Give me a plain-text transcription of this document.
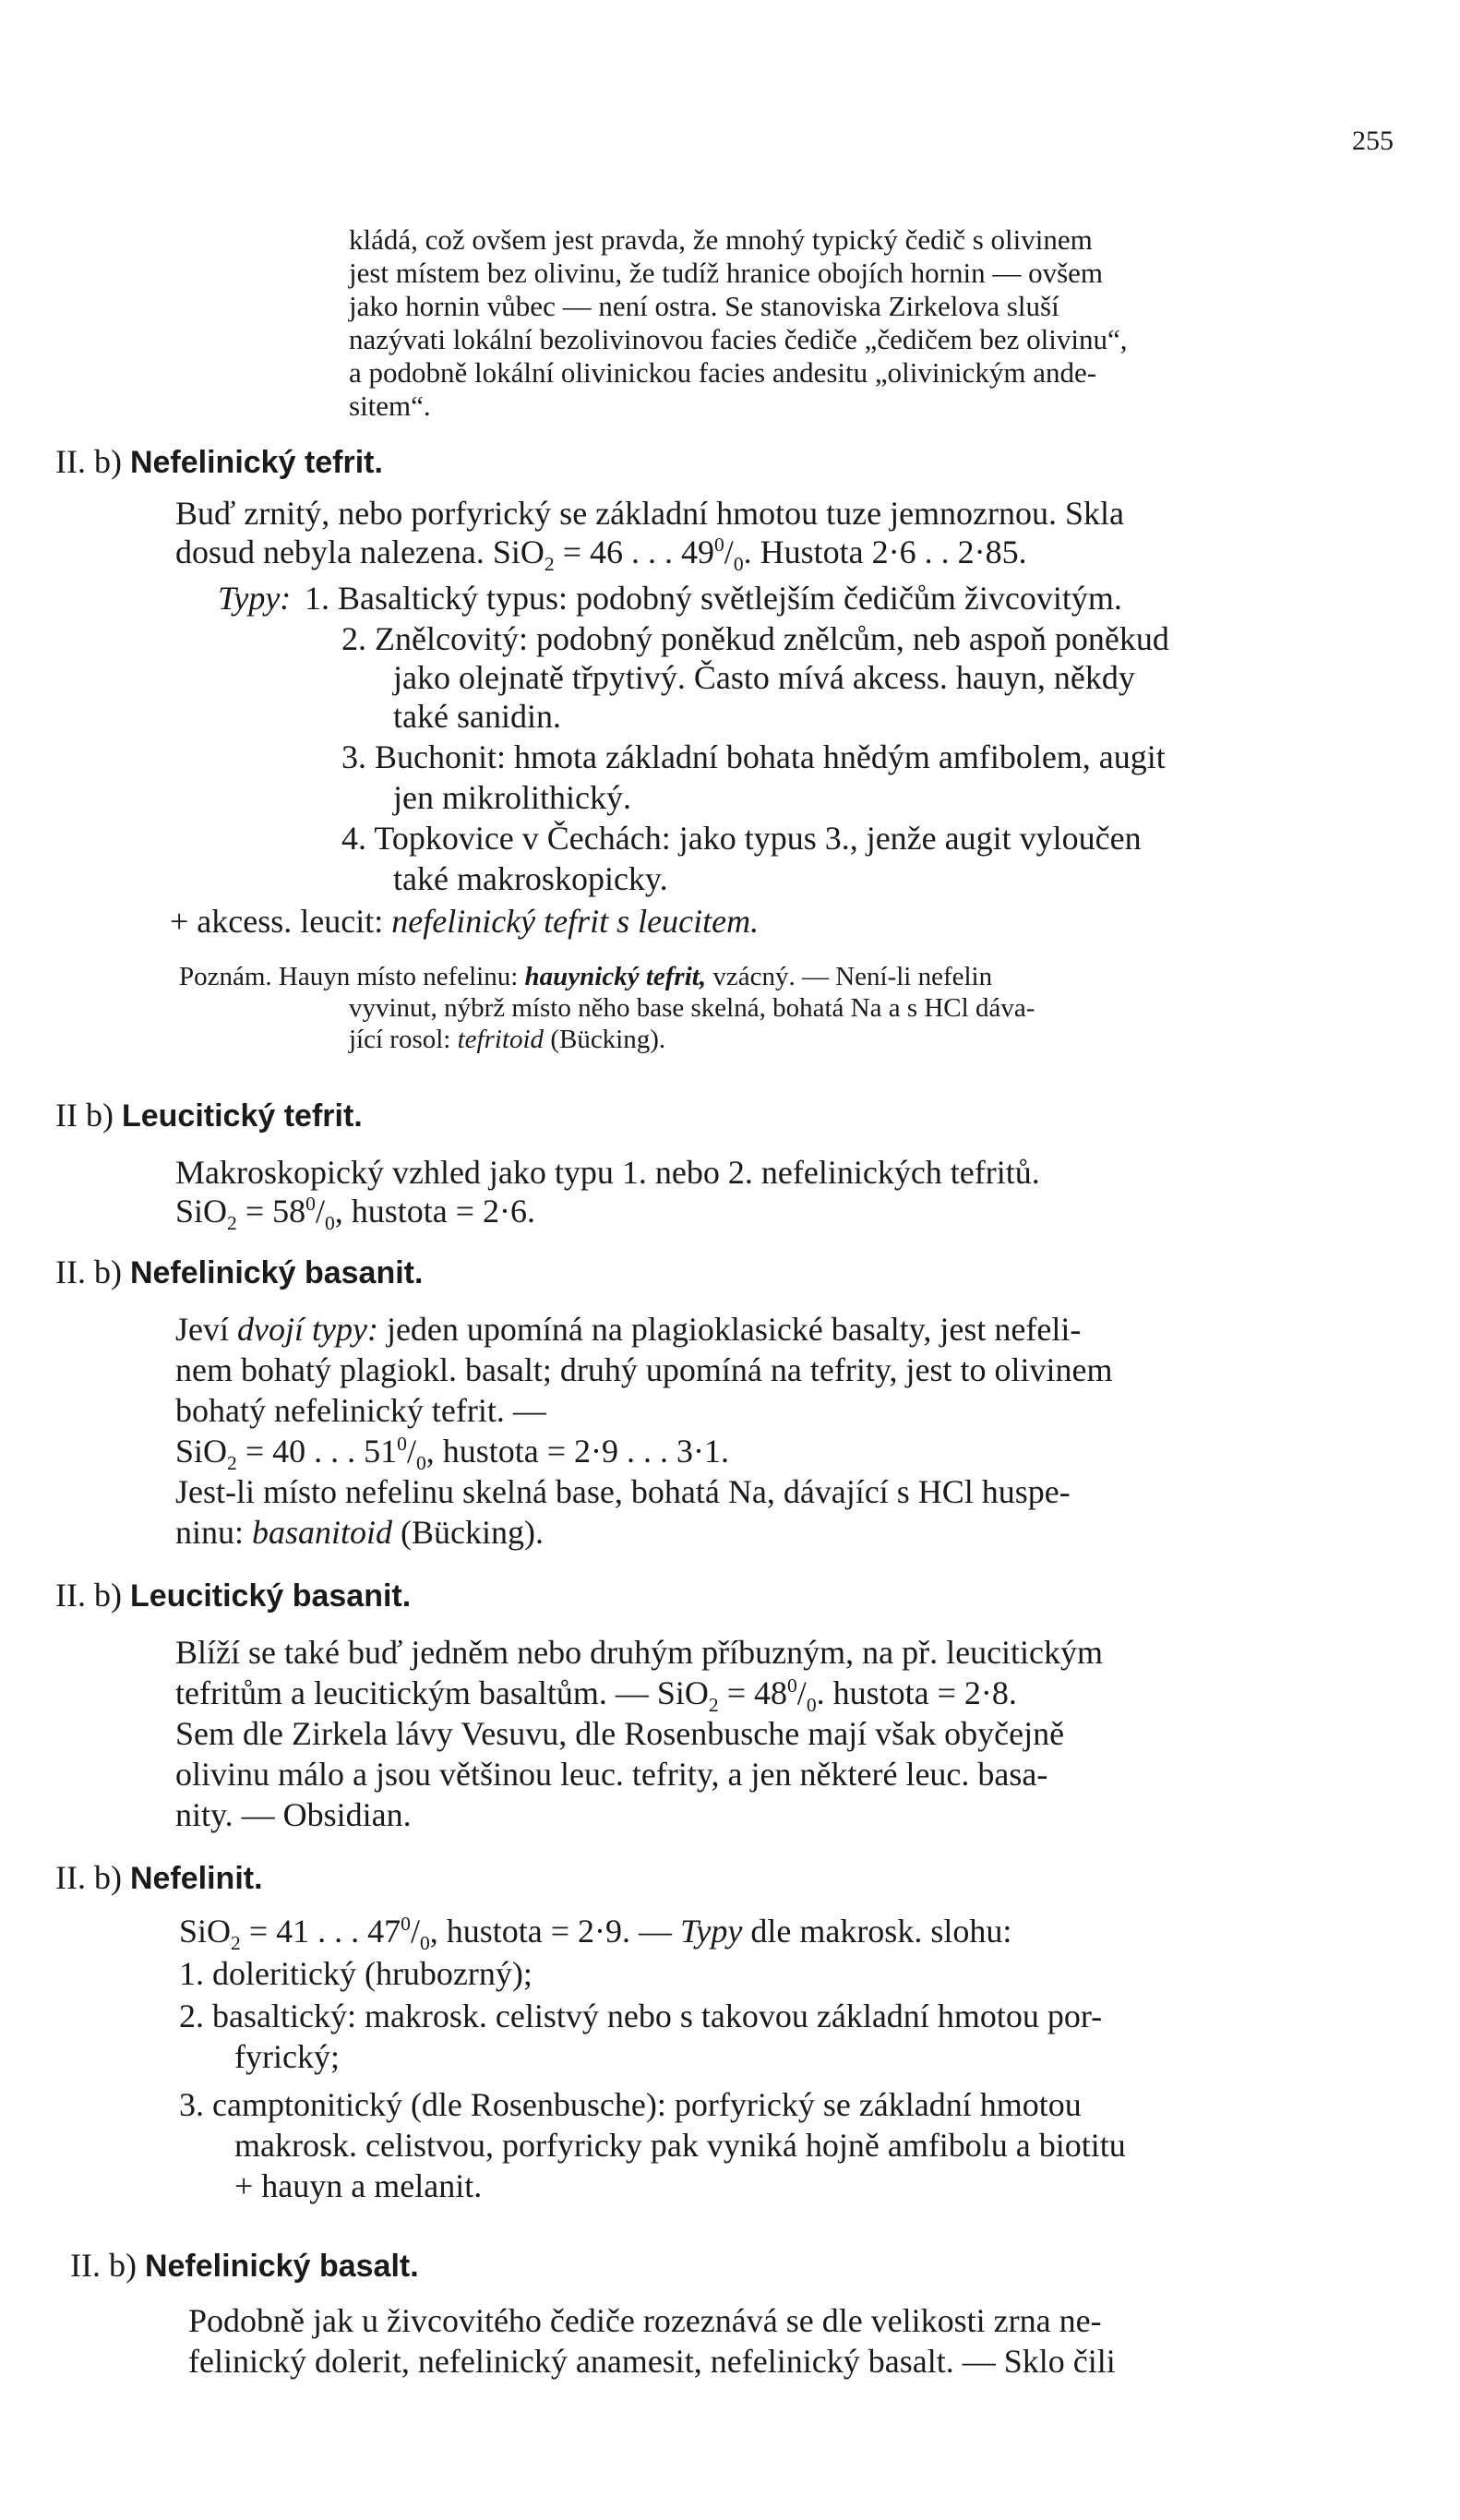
255
kládá, což ovšem jest pravda, že mnohý typický čedič s olivinem
jest místem bez olivinu, že tudíž hranice obojích hornin — ovšem
jako hornin vůbec — není ostra. Se stanoviska Zirkelova sluší
nazývati lokální bezolivinovou facies čediče „čedičem bez olivinu“,
a podobně lokální olivinickou facies andesitu „olivinickým ande-
sitem“.
II. b) Nefelinický tefrit.
Buď zrnitý, nebo porfyrický se základní hmotou tuze jemnozrnou. Skla
dosud nebyla nalezena. SiO$_2$ = 46 . . . $49^0/_0$. Hustota 2·6 . . 2·85.
Typy: 1. Basaltický typus: podobný světlejším čedičům živcovitým.
2. Znělcovitý: podobný poněkud znělcům, neb aspoň poněkud
jako olejnatě třpytivý. Často mívá akcess. hauyn, někdy
také sanidin.
3. Buchonit: hmota základní bohata hnědým amfibolem, augit
jen mikrolithický.
4. Topkovice v Čechách: jako typus 3., jenže augit vyloučen
také makroskopicky.
+ akcess. leucit: nefelinický tefrit s leucitem.
Poznám. Hauyn místo nefelinu: hauynický tefrit, vzácný. — Není-li nefelin
vyvinut, nýbrž místo něho base skelná, bohatá Na a s HCl dáva-
jící rosol: tefritoid (Bücking).
II b) Leucitický tefrit.
Makroskopický vzhled jako typu 1. nebo 2. nefelinických tefritů.
$SiO_2 = 58^0/_0$, hustota = 2·6.
II. b) Nefelinický basanit.
Jeví dvojí typy: jeden upomíná na plagioklasické basalty, jest nefeli-
nem bohatý plagiokl. basalt; druhý upomíná na tefrity, jest to olivinem
bohatý nefelinický tefrit. —
SiO$_2$ = 40 . . . $51^0/_0$, hustota = 2·9 . . . 3·1.
Jest-li místo nefelinu skelná base, bohatá Na, dávající s HCl huspe-
ninu: basanitoid (Bücking).
II. b) Leucitický basanit.
Blíží se také buď jedněm nebo druhým příbuzným, na př. leucitickým
tefritům a leucitickým basaltům. — $SiO_2 = 48^0/_0$. hustota = 2·8.
Sem dle Zirkela lávy Vesuvu, dle Rosenbusche mají však obyčejně
olivinu málo a jsou většinou leuc. tefrity, a jen některé leuc. basa-
nity. — Obsidian.
II. b) Nefelinit.
SiO$_2$ = 41 . . . $47^0/_0$, hustota = 2·9. — Typy dle makrosk. slohu:
1. doleritický (hrubozrný);
2. basaltický: makrosk. celistvý nebo s takovou základní hmotou por-
fyrický;
3. camptonitický (dle Rosenbusche): porfyrický se základní hmotou
makrosk. celistvou, porfyricky pak vyniká hojně amfibolu a biotitu
+ hauyn a melanit.
II. b) Nefelinický basalt.
Podobně jak u živcovitého čediče rozeznává se dle velikosti zrna ne-
felinický dolerit, nefelinický anamesit, nefelinický basalt. — Sklo čili
